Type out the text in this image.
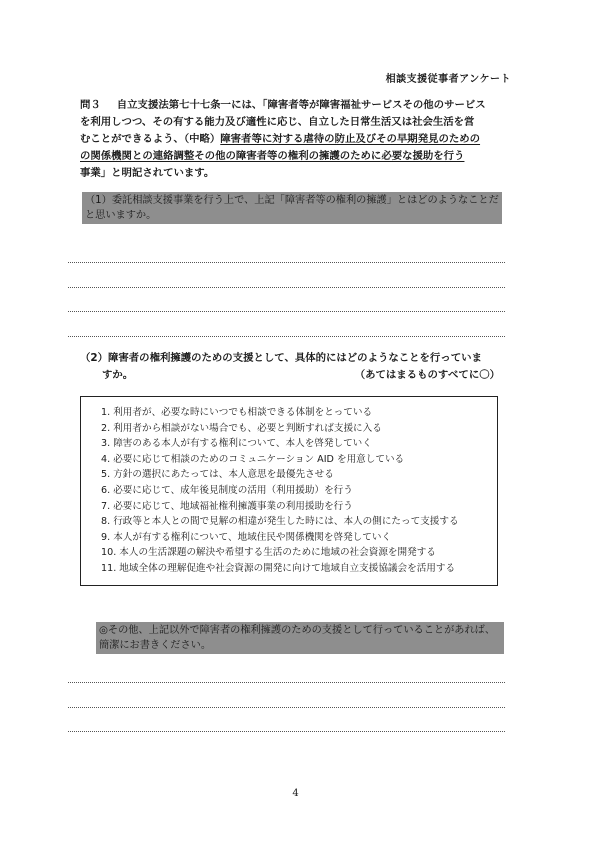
相談支援従事者アンケート
問３ 自立支援法第七十七条一には、「障害者等が障害福祉サービスその他のサービス
を利用しつつ、その有する能力及び適性に応じ、自立した日常生活又は社会生活を営
むことができるよう、（中略）障害者等に対する虐待の防止及びその早期発見のための
の関係機関との連絡調整その他の障害者等の権利の擁護のために必要な援助を行う
事業」と明記されています。
（1）委託相談支援事業を行う上で、上記「障害者等の権利の擁護」とはどのようなことだと思いますか。
（2）障害者の権利擁護のための支援として、具体的にはどのようなことを行っていま
すか。	（あてはまるものすべてに〇）
1. 利用者が、必要な時にいつでも相談できる体制をとっている
2. 利用者から相談がない場合でも、必要と判断すれば支援に入る
3. 障害のある本人が有する権利について、本人を啓発していく
4. 必要に応じて相談のためのコミュニケーション AID を用意している
5. 方針の選択にあたっては、本人意思を最優先させる
6. 必要に応じて、成年後見制度の活用（利用援助）を行う
7. 必要に応じて、地域福祉権利擁護事業の利用援助を行う
8. 行政等と本人との間で見解の相違が発生した時には、本人の側にたって支援する
9. 本人が有する権利について、地域住民や関係機関を啓発していく
10. 本人の生活課題の解決や希望する生活のために地域の社会資源を開発する
11. 地域全体の理解促進や社会資源の開発に向けて地域自立支援協議会を活用する
◎その他、上記以外で障害者の権利擁護のための支援として行っていることがあれば、簡潔にお書きください。
4
